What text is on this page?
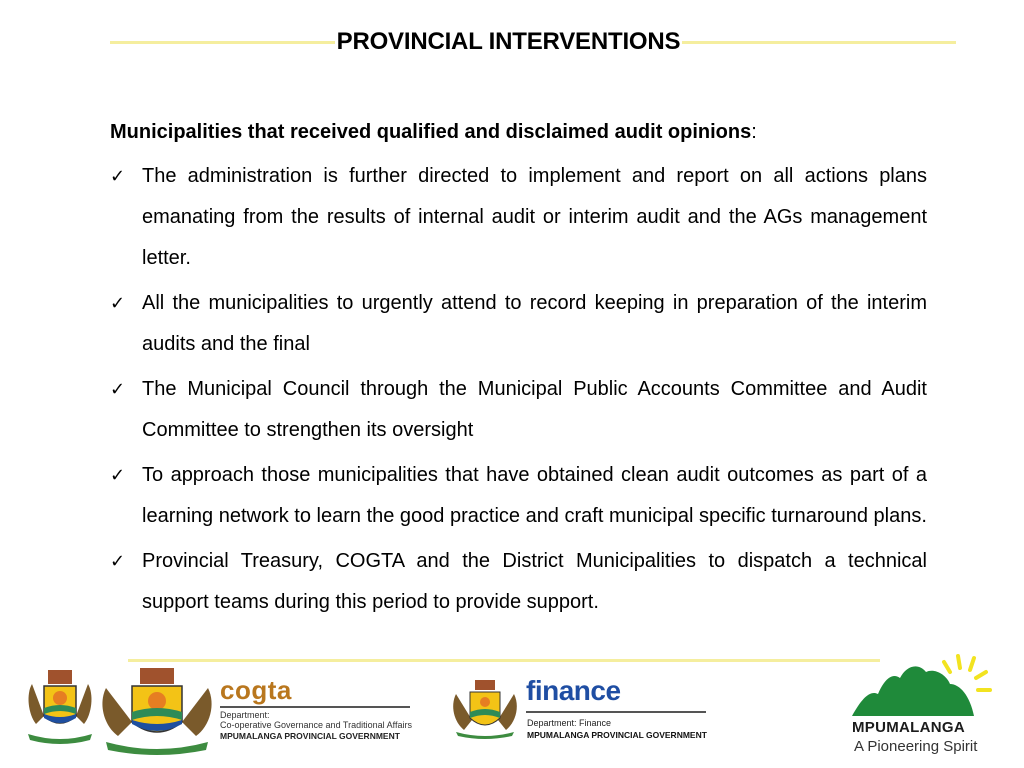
PROVINCIAL INTERVENTIONS

Municipalities that received qualified and disclaimed audit opinions:

✓ The administration is further directed to implement and report on all actions plans emanating from the results of internal audit or interim audit and the AGs management letter.
✓ All the municipalities to urgently attend to record keeping in preparation of the interim audits and the final
✓ The Municipal Council through the Municipal Public Accounts Committee and Audit Committee to strengthen its oversight
✓ To approach those municipalities that have obtained clean audit outcomes as part of a learning network to learn the good practice and craft municipal specific turnaround plans.
✓ Provincial Treasury, COGTA and the District Municipalities to dispatch a technical support teams during this period to provide support.
cogta
Department:
Co-operative Governance and Traditional Affairs
MPUMALANGA PROVINCIAL GOVERNMENT
finance
Department: Finance
MPUMALANGA PROVINCIAL GOVERNMENT	MPUMALANGA
A Pioneering Spirit
